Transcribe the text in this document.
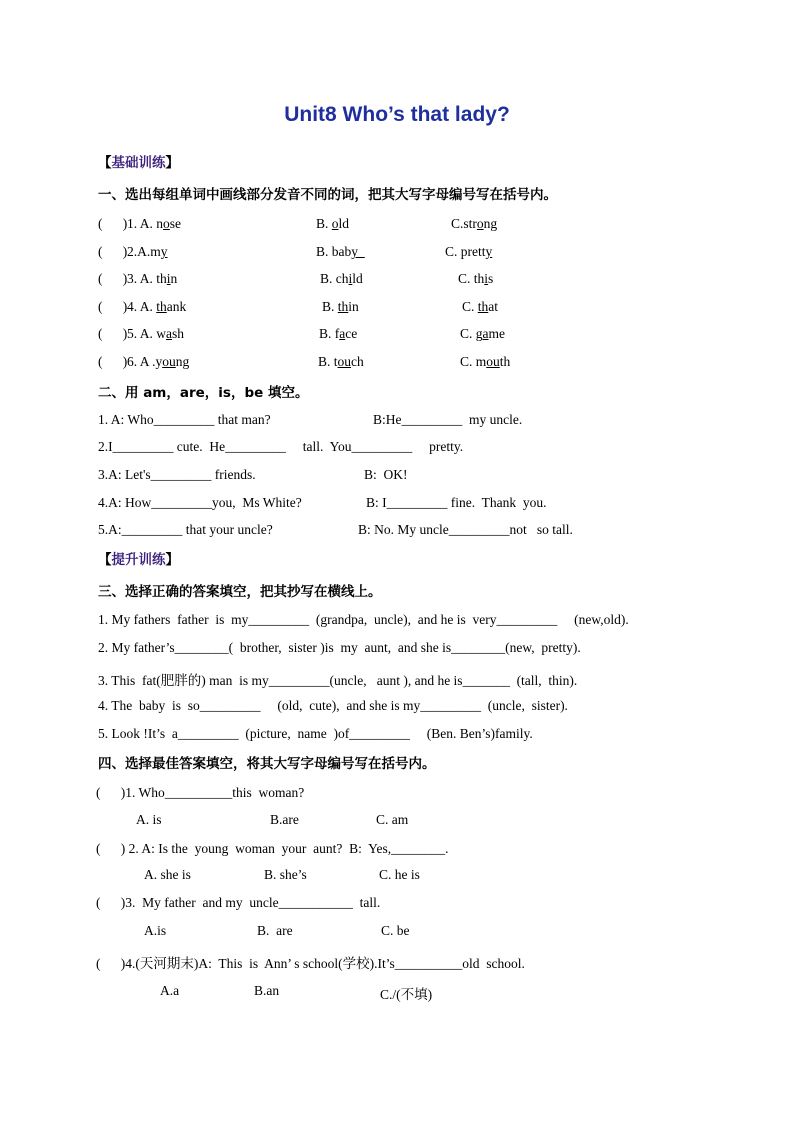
Unit8 Who’s that lady?
【基础训练】
一、选出每组单词中画线部分发音不同的词，把其大写字母编号写在括号内。
(      ) 1. A. nose	B. old	C.strong
(      ) 2.A.my	B. baby	C. pretty
(      ) 3. A. thin	B. child	C. this
(      ) 4. A. thank	B. thin	C. that
(      ) 5. A. wash	B. face	C. game
(      ) 6. A .young	B. touch	C. mouth
二、用 am，are，is，be 填空。
1. A: Who_________ that man?	B:He_________  my uncle.
2.I_________ cute.  He_________     tall.  You_________     pretty.
3.A: Let's_________ friends.	B:  OK!
4.A: How_________you,  Ms White?	B: I_________ fine.  Thank  you.
5.A:_________ that your uncle?	B: No. My uncle_________not   so tall.
【提升训练】
三、选择正确的答案填空，把其抄写在横线上。
1. My fathers  father  is  my_________  (grandpa,  uncle),  and he is  very_________     (new,old).
2. My father’s________(  brother,  sister )is  my  aunt,  and she is________(new,  pretty).
3. This  fat(肥胖的) man  is my_________(uncle,   aunt ), and he is_______  (tall,  thin).
4. The  baby  is  so_________     (old,  cute),  and she is my_________  (uncle,  sister).
5. Look !It’s  a_________  (picture,  name  )of_________     (Ben. Ben’s)family.
四、选择最佳答案填空，将其大写字母编号写在括号内。
(      )1. Who__________this  woman?
A. is	B.are	C. am
(      ) 2. A: Is the  young  woman  your  aunt?  B:  Yes,________.
A. she is	B. she’s	C. he is
(      )3.  My father  and my  uncle___________  tall.
A.is	B.  are	C. be
(      )4.(天河期末)A:  This  is  Ann’ s school(学校).It’s__________old  school.
A.a	B.an	C./(不填)
